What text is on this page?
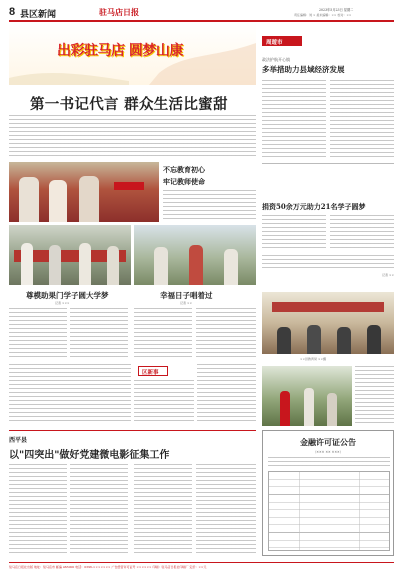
8 县区新闻	驻马店日报	2023年5月23日 星期二
责任编辑：刘 × 美术编辑：×× 校对：××
出彩驻马店 圆梦山康
第一书记代言 群众生活比蜜甜
不忘教育初心
牢记教师使命
记者 ××
尊模助果门学子圆大学梦
记者 ×××
幸福日子唱着过
记者 ××
区新事
周遊市
政法护航开心镇
多举措助力县域经济发展
捐资50余万元助力21名学子圆梦
××县教育局 ××摄
西平县
以"四突出"做好党建微电影征集工作
金融许可证公告
（××× ×× ×××）
驻马店日报社出版 地址：驻马店市 邮编 463000 电话：0396-××××××× 广告经营许可证号 ×××××× 印刷：驻马店日报社印刷厂 定价：××元
